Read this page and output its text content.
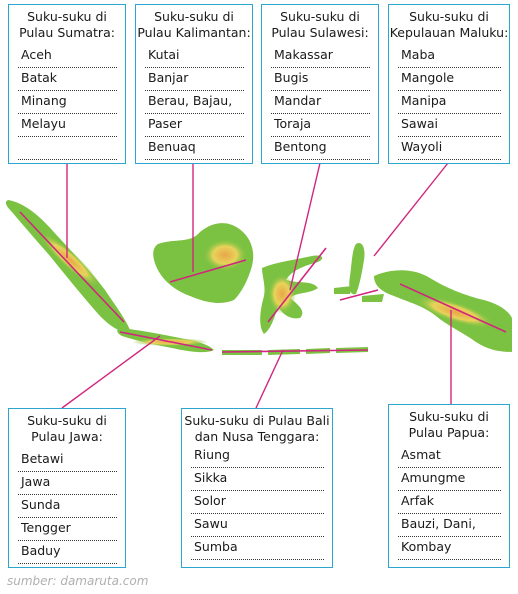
Suku-suku di
Pulau Sumatra:
Aceh
Batak
Minang
Melayu
Suku-suku di
Pulau Kalimantan:
Kutai
Banjar
Berau, Bajau,
Paser
Benuaq
Suku-suku di
Pulau Sulawesi:
Makassar
Bugis
Mandar
Toraja
Bentong
Suku-suku di
Kepulauan Maluku:
Maba
Mangole
Manipa
Sawai
Wayoli
Suku-suku di
Pulau Jawa:
Betawi
Jawa
Sunda
Tengger
Baduy
Suku-suku di Pulau Bali
dan Nusa Tenggara:
Riung
Sikka
Solor
Sawu
Sumba
Suku-suku di
Pulau Papua:
Asmat
Amungme
Arfak
Bauzi, Dani,
Kombay
sumber: damaruta.com
